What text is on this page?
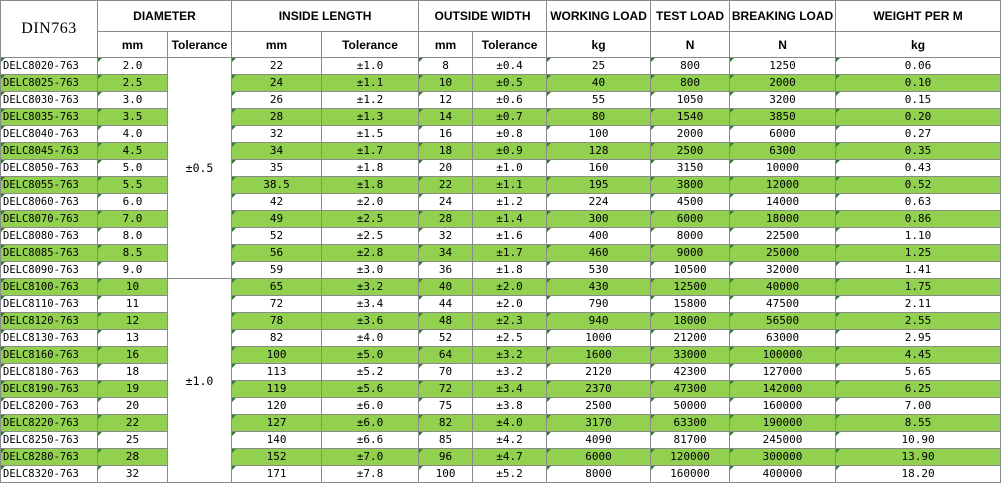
DIN763	DIAMETER		INSIDE LENGTH		OUTSIDE WIDTH		WORKING LOAD	TEST LOAD	BREAKING LOAD	WEIGHT PER M
	mm	Tolerance	mm	Tolerance	mm	Tolerance	kg	N	N	kg
DELC8020-763	2.0	±0.5	22	±1.0	8	±0.4	25	800	1250	0.06
DELC8025-763	2.5		24	±1.1	10	±0.5	40	800	2000	0.10
DELC8030-763	3.0		26	±1.2	12	±0.6	55	1050	3200	0.15
DELC8035-763	3.5		28	±1.3	14	±0.7	80	1540	3850	0.20
DELC8040-763	4.0		32	±1.5	16	±0.8	100	2000	6000	0.27
DELC8045-763	4.5		34	±1.7	18	±0.9	128	2500	6300	0.35
DELC8050-763	5.0		35	±1.8	20	±1.0	160	3150	10000	0.43
DELC8055-763	5.5		38.5	±1.8	22	±1.1	195	3800	12000	0.52
DELC8060-763	6.0		42	±2.0	24	±1.2	224	4500	14000	0.63
DELC8070-763	7.0		49	±2.5	28	±1.4	300	6000	18000	0.86
DELC8080-763	8.0		52	±2.5	32	±1.6	400	8000	22500	1.10
DELC8085-763	8.5		56	±2.8	34	±1.7	460	9000	25000	1.25
DELC8090-763	9.0		59	±3.0	36	±1.8	530	10500	32000	1.41
DELC8100-763	10	±1.0	65	±3.2	40	±2.0	430	12500	40000	1.75
DELC8110-763	11		72	±3.4	44	±2.0	790	15800	47500	2.11
DELC8120-763	12		78	±3.6	48	±2.3	940	18000	56500	2.55
DELC8130-763	13		82	±4.0	52	±2.5	1000	21200	63000	2.95
DELC8160-763	16		100	±5.0	64	±3.2	1600	33000	100000	4.45
DELC8180-763	18		113	±5.2	70	±3.2	2120	42300	127000	5.65
DELC8190-763	19		119	±5.6	72	±3.4	2370	47300	142000	6.25
DELC8200-763	20		120	±6.0	75	±3.8	2500	50000	160000	7.00
DELC8220-763	22		127	±6.0	82	±4.0	3170	63300	190000	8.55
DELC8250-763	25		140	±6.6	85	±4.2	4090	81700	245000	10.90
DELC8280-763	28		152	±7.0	96	±4.7	6000	120000	300000	13.90
DELC8320-763	32		171	±7.8	100	±5.2	8000	160000	400000	18.20
